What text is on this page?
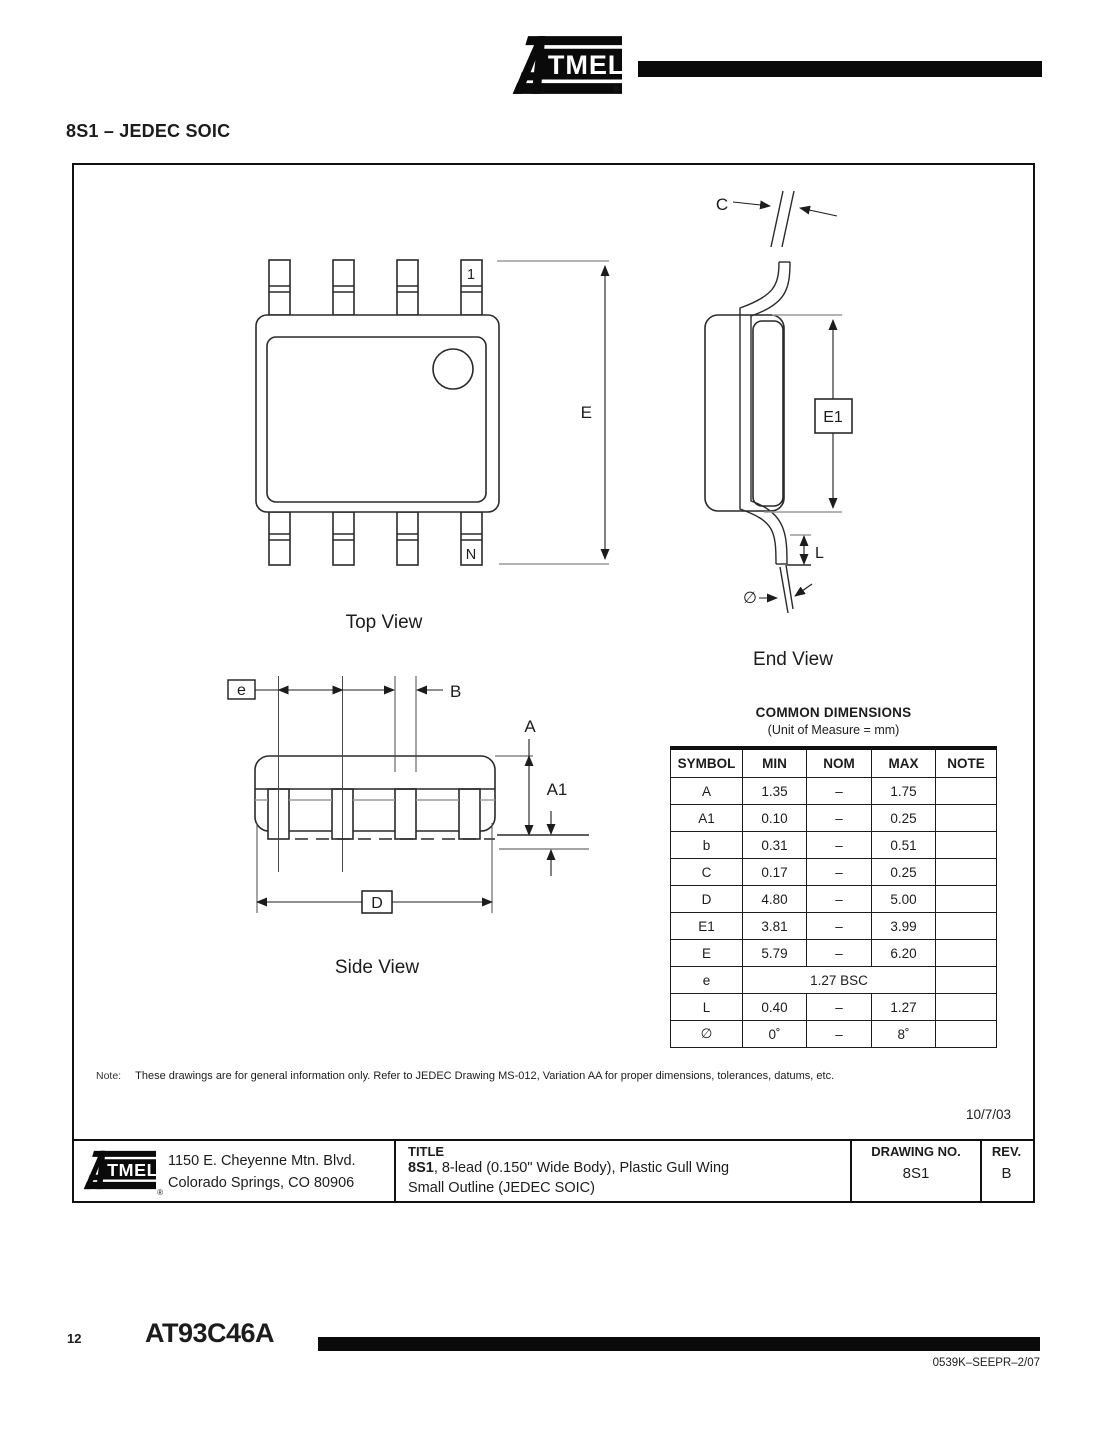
TMEL
®
8S1 – JEDEC SOIC
1
N
E
Top View
C
E1
L
∅
End View
e	B
A
A1
D
Side View
COMMON DIMENSIONS
(Unit of Measure = mm)
SYMBOL	MIN	NOM	MAX	NOTE
A	1.35	–	1.75	
A1	0.10	–	0.25	
b	0.31	–	0.51	
C	0.17	–	0.25	
D	4.80	–	5.00	
E1	3.81	–	3.99	
E	5.79	–	6.20	
e	1.27 BSC			
L	0.40	–	1.27	
∅	0˚	–	8˚	
Note: These drawings are for general information only. Refer to JEDEC Drawing MS-012, Variation AA for proper dimensions, tolerances, datums, etc.
10/7/03
TMEL
®
1150 E. Cheyenne Mtn. Blvd.
Colorado Springs, CO 80906
TITLE
8S1, 8-lead (0.150" Wide Body), Plastic Gull Wing
Small Outline (JEDEC SOIC)
DRAWING NO.
8S1
REV.
B
12 AT93C46A
0539K–SEEPR–2/07
